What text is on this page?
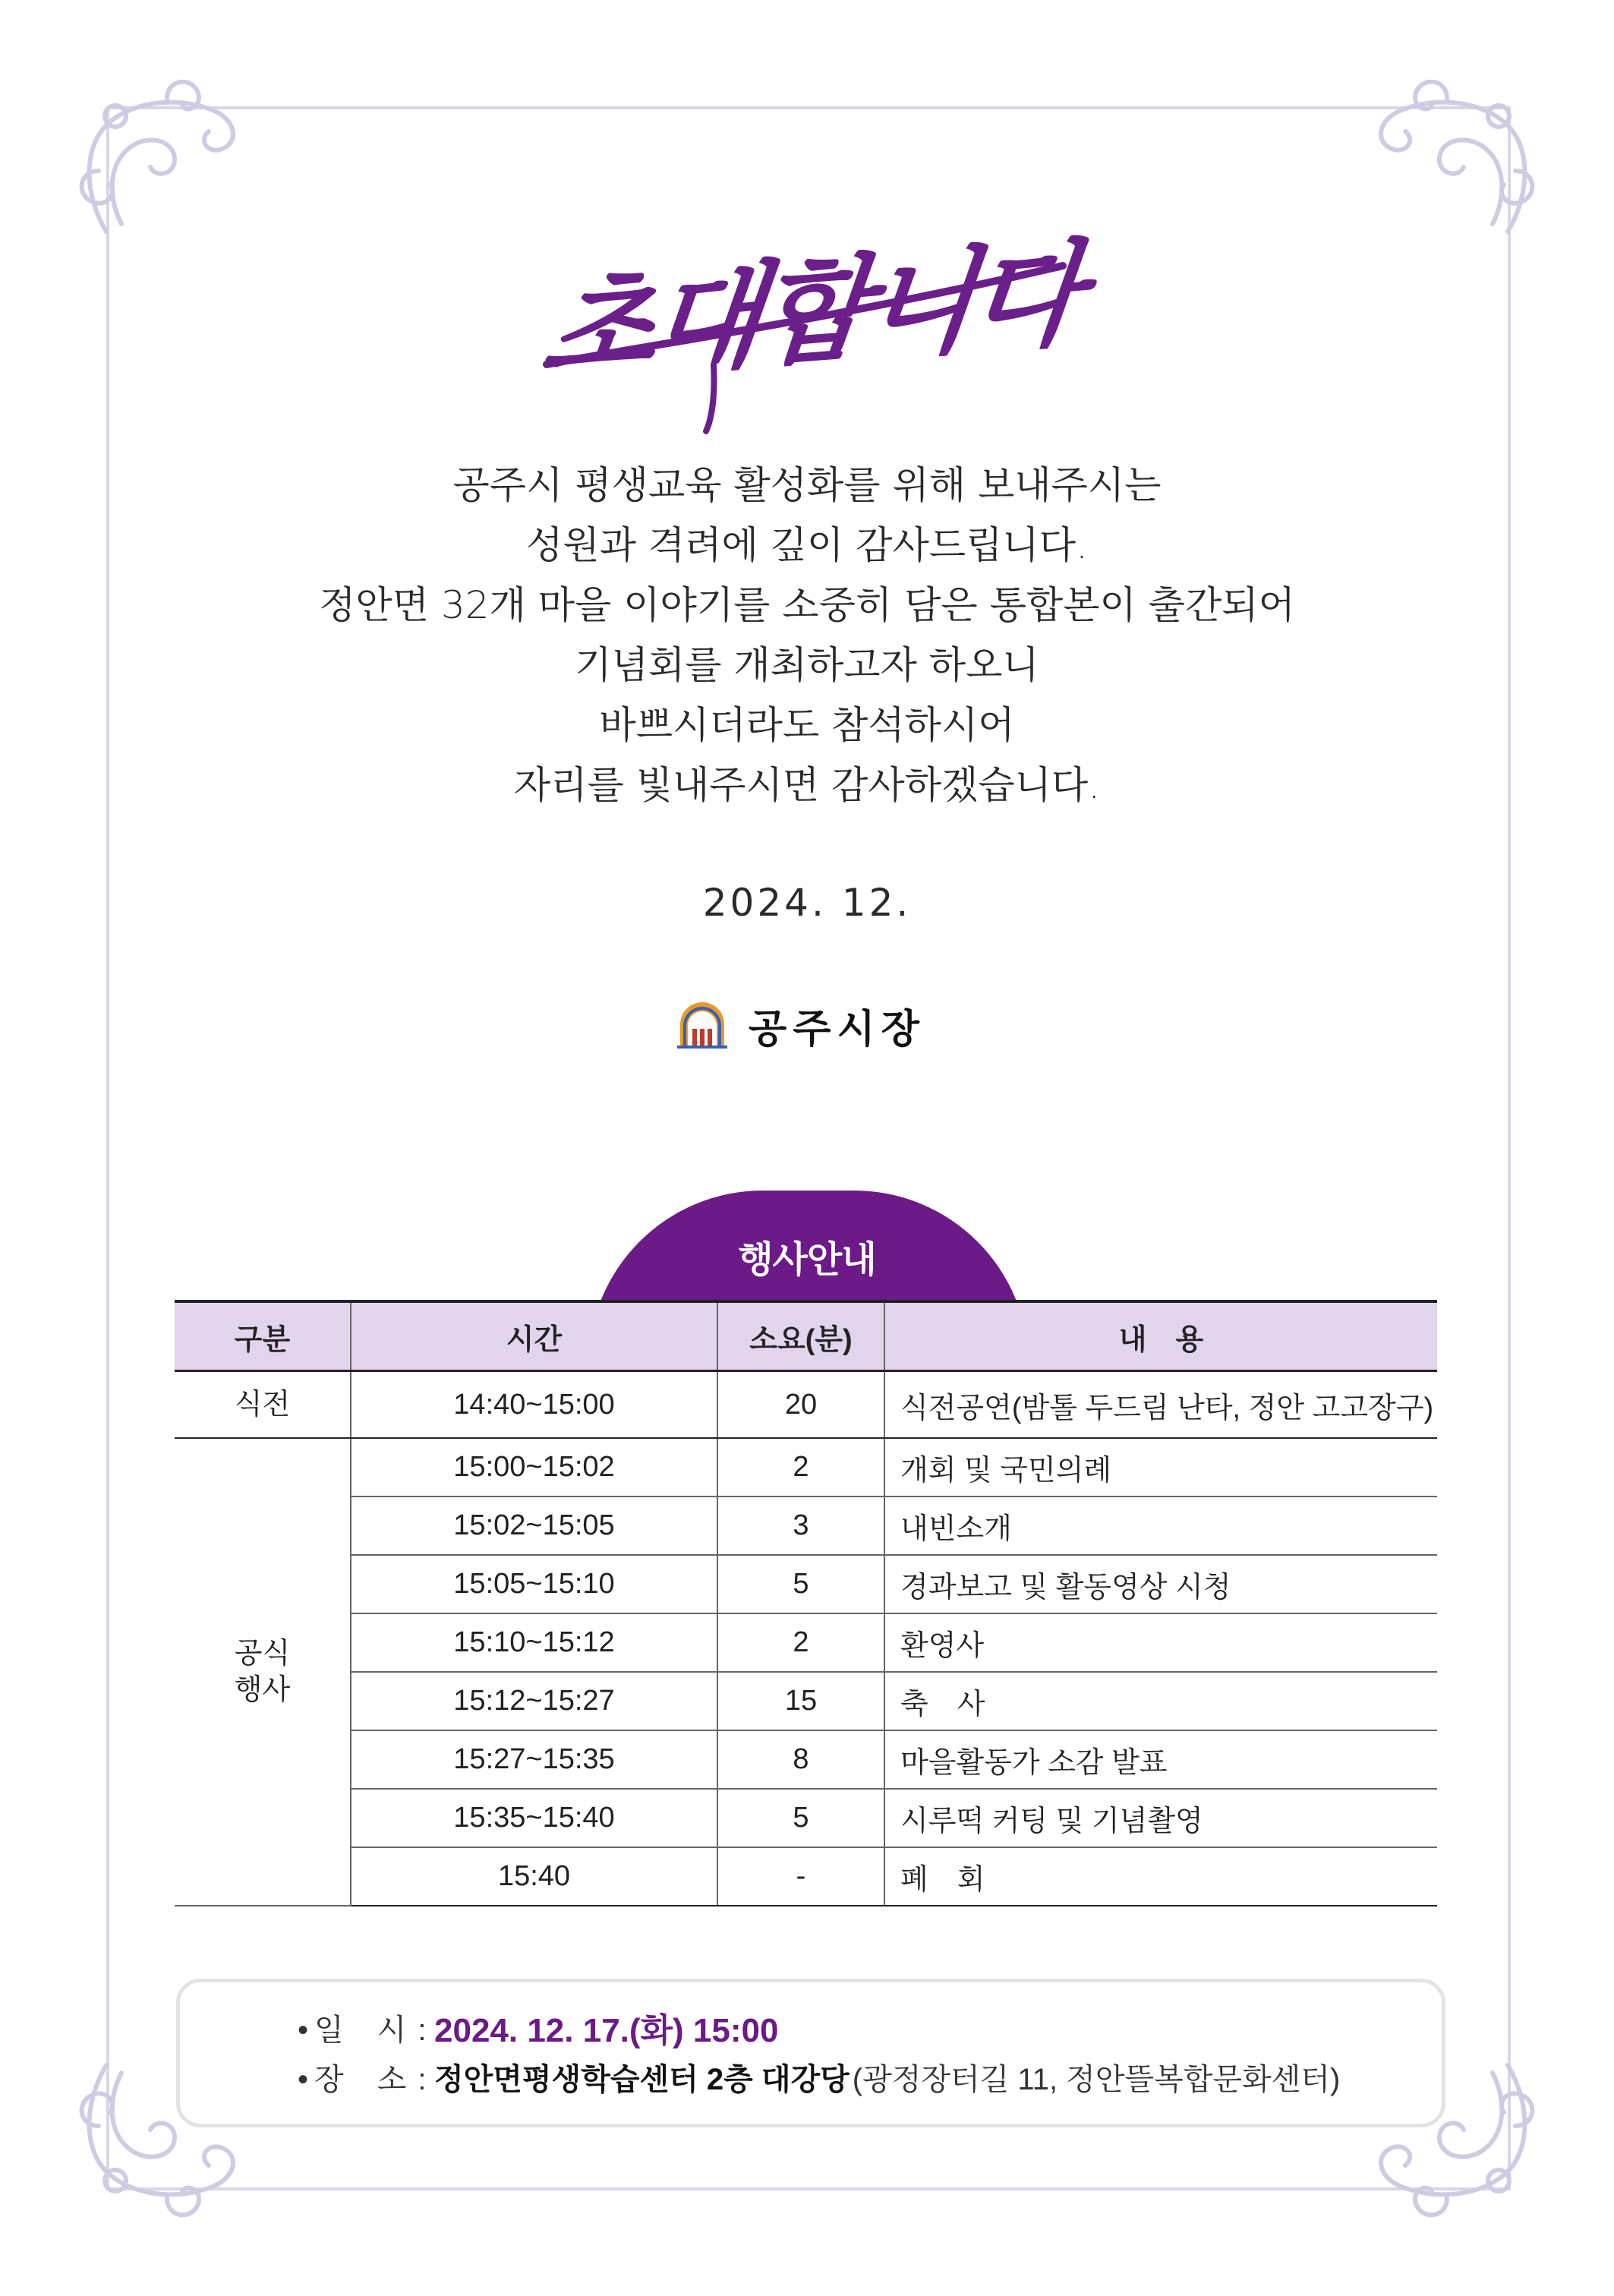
초대합니다
공주시 평생교육 활성화를 위해 보내주시는
성원과 격려에 깊이 감사드립니다.
정안면 32개 마을 이야기를 소중히 담은 통합본이 출간되어
기념회를 개최하고자 하오니
바쁘시더라도 참석하시어
자리를 빛내주시면 감사하겠습니다.
2024. 12.
공주시장
행사안내
구분	시간	소요(분)	내　용
식전	14:40~15:00	20	식전공연(밤톨 두드림 난타, 정안 고고장구)

공식
행사	15:00~15:02	2	개회 및 국민의례
	15:02~15:05	3	내빈소개
	15:05~15:10	5	경과보고 및 활동영상 시청
	15:10~15:12	2	환영사
	15:12~15:27	15	축　사
	15:27~15:35	8	마을활동가 소감 발표
	15:35~15:40	5	시루떡 커팅 및 기념촬영
	15:40	-	폐　회
• 일　시 : 2024. 12. 17.(화) 15:00
• 장　소 : 정안면평생학습센터 2층 대강당 (광정장터길 11, 정안뜰복합문화센터)
